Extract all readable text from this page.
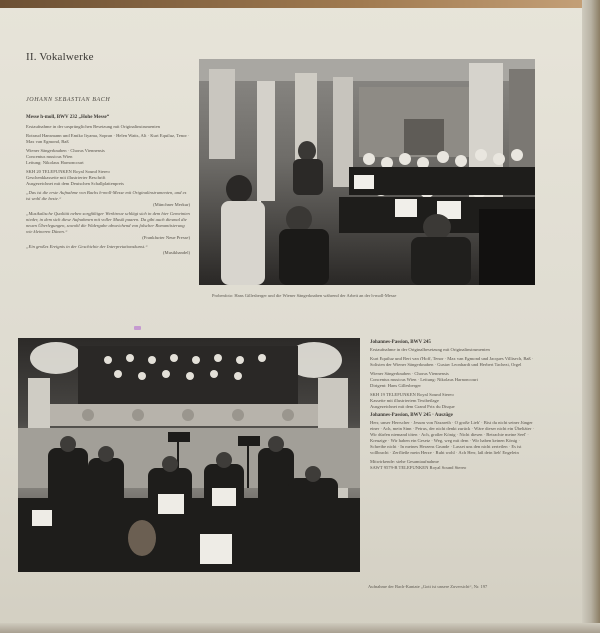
II. Vokalwerke
JOHANN SEBASTIAN BACH

Messe h-moll, BWV 232 „Hohe Messe“

Erstaufnahme in der ursprünglichen Besetzung mit Originalinstrumenten

Rotraud Hansmann und Emiko Iiyama, Sopran · Helen Watts, Alt · Kurt Equiluz, Tenor · Max van Egmond, Baß

Wiener Sängerknaben · Chorus Viennensis

Concentus musicus Wien

Leitung: Nikolaus Harnoncourt

SKH 20 TELEFUNKEN Royal Sound Stereo

Geschenkkassette mit illustrierter Beschrift

Ausgezeichnet mit dem Deutschen Schallplattenpreis

„Das ist die erste Aufnahme von Bachs h-moll-Messe mit Originalinstrumenten, und es ist wohl die beste.“

(Münchner Merkur)

„Musikalische Qualität neben sorgfältiger Werktreue schlägt sich in dem hier Gemeinten nieder, in dem sich diese Aufnahmen mit voller Musik paaren. Da gibt auch diesmal die neuen Überlegungen, sowohl die Widergabe abweichend von falscher Romantisierung wie kleineren Dünen.“

(Frankfurter Neue Presse)

„Ein großes Ereignis in der Geschichte der Interpretationskunst.“

(Musikhandel)

Probenfoto: Hans Gillesberger und die Wiener Sängerknaben während der Arbeit an der h-moll-Messe
Aufnahme der Bach-Kantate „Gott ist unsere Zuversicht“, Nr. 197

Johannes-Passion, BWV 245

Erstaufnahme in der Originalbesetzung mit Originalinstrumenten

Kurt Equiluz und Bert van t'Hoff, Tenor · Max van Egmond und Jacques Villisech, Baß · Solisten der Wiener Sängerknaben · Gustav Leonhardt und Herbert Tachezi, Orgel

Wiener Sängerknaben · Chorus Viennensis

Concentus musicus Wien · Leitung: Nikolaus Harnoncourt

Dirigent: Hans Gillesberger

SKH 19 TELEFUNKEN Royal Sound Stereo

Kassette mit illustriertem Textbeilage

Ausgezeichnet mit dem Grand Prix du Disque

Johannes-Passion, BWV 245 · Auszüge

Herr, unser Herrscher · Jesum von Nazareth · O große Lieb' · Bist du nicht seiner Jünger einer · Ach, mein Sinn · Petrus, der nicht denkt zurück · Wäre dieser nicht ein Übeltäter · Wir dürfen niemand töten · Ach, großer König · Nicht diesen · Betrachte meine Seel' · Kreuzige · Wir haben ein Gesetz · Weg, weg mit dem · Wir haben keinen König · Schreibe nicht · In meines Herzens Grunde · Lasset uns den nicht zerteilen · Es ist vollbracht · Zerfließe mein Herze · Ruht wohl · Ach Herr, laß dein lieb' Engelein

Mitwirkende: siehe Gesamtaufnahme

SAWT 9579-B TELEFUNKEN Royal Sound Stereo
